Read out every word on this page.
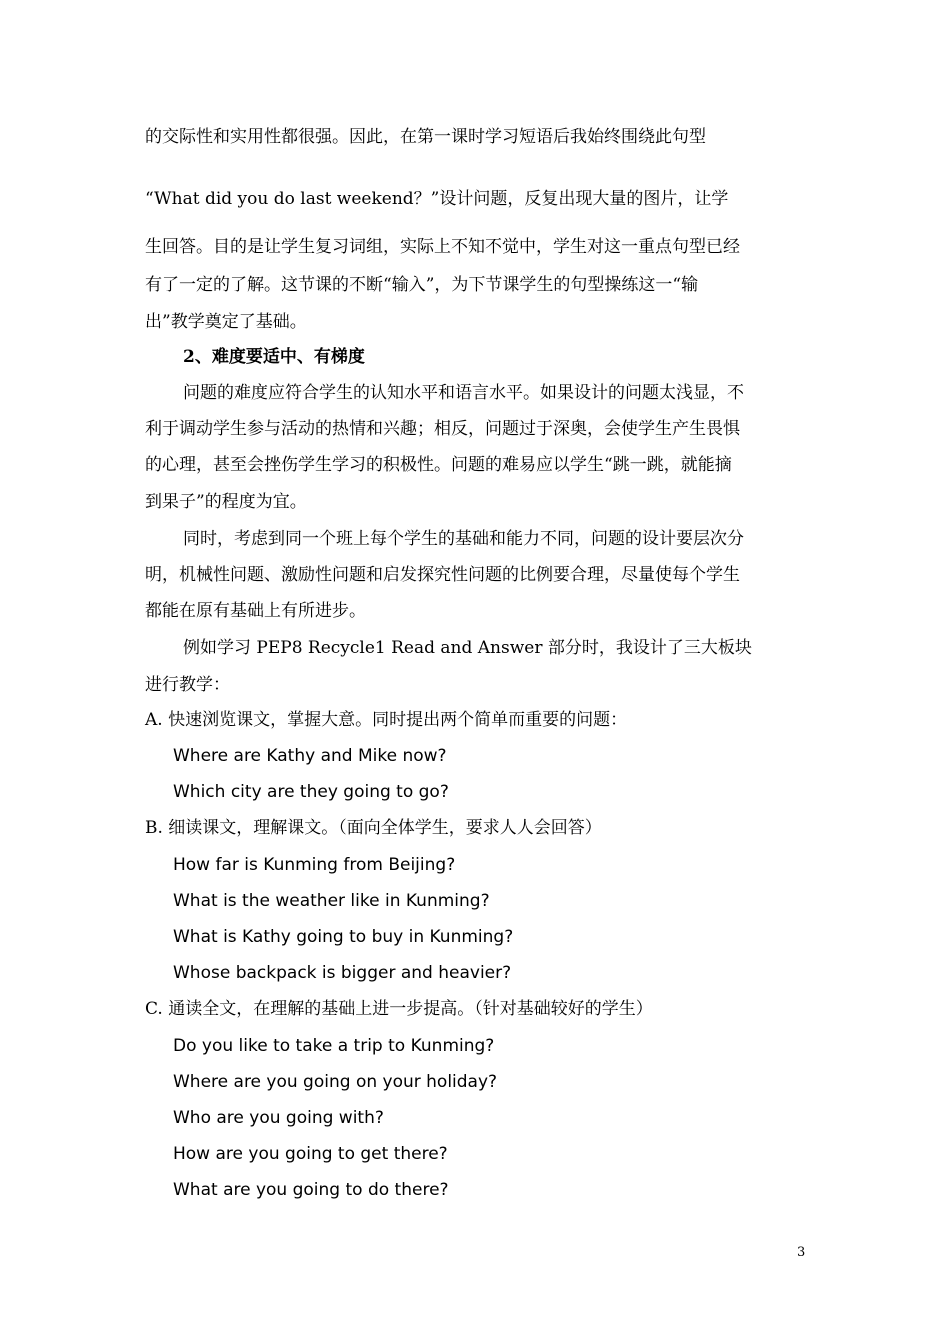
的交际性和实用性都很强。因此，在第一课时学习短语后我始终围绕此句型
“What did you do last weekend？”设计问题，反复出现大量的图片，让学
生回答。目的是让学生复习词组，实际上不知不觉中，学生对这一重点句型已经
有了一定的了解。这节课的不断“输入”，为下节课学生的句型操练这一“输
出”教学奠定了基础。
2、难度要适中、有梯度
问题的难度应符合学生的认知水平和语言水平。如果设计的问题太浅显，不
利于调动学生参与活动的热情和兴趣；相反，问题过于深奥，会使学生产生畏惧
的心理，甚至会挫伤学生学习的积极性。问题的难易应以学生“跳一跳，就能摘
到果子”的程度为宜。
同时，考虑到同一个班上每个学生的基础和能力不同，问题的设计要层次分
明，机械性问题、激励性问题和启发探究性问题的比例要合理，尽量使每个学生
都能在原有基础上有所进步。
例如学习 PEP8 Recycle1 Read and Answer 部分时，我设计了三大板块
进行教学：
A. 快速浏览课文，掌握大意。同时提出两个简单而重要的问题：
Where are Kathy and Mike now?
Which city are they going to go?
B. 细读课文，理解课文。（面向全体学生，要求人人会回答）
How far is Kunming from Beijing?
What is the weather like in Kunming?
What is Kathy going to buy in Kunming?
Whose backpack is bigger and heavier?
C. 通读全文，在理解的基础上进一步提高。（针对基础较好的学生）
Do you like to take a trip to Kunming?
Where are you going on your holiday?
Who are you going with?
How are you going to get there?
What are you going to do there?
3
